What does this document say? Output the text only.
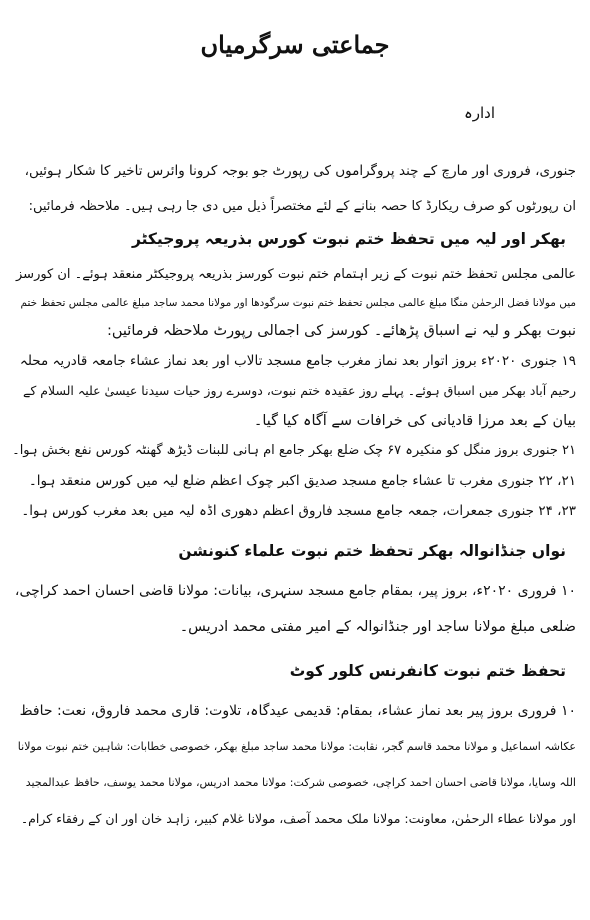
جماعتی سرگرمیاں
ادارہ
جنوری، فروری اور مارچ کے چند پروگراموں کی رپورٹ جو بوجہ کرونا وائرس تاخیر کا شکار ہوئیں،
ان رپورٹوں کو صرف ریکارڈ کا حصہ بنانے کے لئے مختصراً ذیل میں دی جا رہی ہیں۔ ملاحظہ فرمائیں:
بھکر اور لیہ میں تحفظ ختم نبوت کورس بذریعہ پروجیکٹر
عالمی مجلس تحفظ ختم نبوت کے زیر اہتمام ختم نبوت کورسز بذریعہ پروجیکٹر منعقد ہوئے۔ ان کورسز
میں مولانا فضل الرحمٰن منگا مبلغ عالمی مجلس تحفظ ختم نبوت سرگودھا اور مولانا محمد ساجد مبلغ عالمی مجلس تحفظ ختم
نبوت بھکر و لیہ نے اسباق پڑھائے۔ کورسز کی اجمالی رپورٹ ملاحظہ فرمائیں:
۱۹ جنوری ۲۰۲۰ء بروز اتوار بعد نماز مغرب جامع مسجد تالاب اور بعد نماز عشاء جامعہ قادریہ محلہ
رحیم آباد بھکر میں اسباق ہوئے۔ پہلے روز عقیدہ ختم نبوت، دوسرے روز حیات سیدنا عیسیٰ علیہ السلام کے
بیان کے بعد مرزا قادیانی کی خرافات سے آگاہ کیا گیا۔
۲۱ جنوری بروز منگل کو منکیرہ ۶۷ چک ضلع بھکر جامع ام ہانی للبنات ڈیڑھ گھنٹہ کورس نفع بخش ہوا۔
۲۱، ۲۲ جنوری مغرب تا عشاء جامع مسجد صدیق اکبر چوک اعظم ضلع لیہ میں کورس منعقد ہوا۔
۲۳، ۲۴ جنوری جمعرات، جمعہ جامع مسجد فاروق اعظم دھوری اڈہ لیہ میں بعد مغرب کورس ہوا۔
نواں جنڈانوالہ بھکر تحفظ ختم نبوت علماء کنونشن
۱۰ فروری ۲۰۲۰ء، بروز پیر، بمقام جامع مسجد سنہری، بیانات: مولانا قاضی احسان احمد کراچی،
ضلعی مبلغ مولانا ساجد اور جنڈانوالہ کے امیر مفتی محمد ادریس۔
تحفظ ختم نبوت کانفرنس کلور کوٹ
۱۰ فروری بروز پیر بعد نماز عشاء، بمقام: قدیمی عیدگاہ، تلاوت: قاری محمد فاروق، نعت: حافظ
عکاشہ اسماعیل و مولانا محمد قاسم گجر، نقابت: مولانا محمد ساجد مبلغ بھکر، خصوصی خطابات: شاہین ختم نبوت مولانا
اللہ وسایا، مولانا قاضی احسان احمد کراچی، خصوصی شرکت: مولانا محمد ادریس، مولانا محمد یوسف، حافظ عبدالمجید
اور مولانا عطاء الرحمٰن، معاونت: مولانا ملک محمد آصف، مولانا غلام کبیر، زاہد خان اور ان کے رفقاء کرام۔
